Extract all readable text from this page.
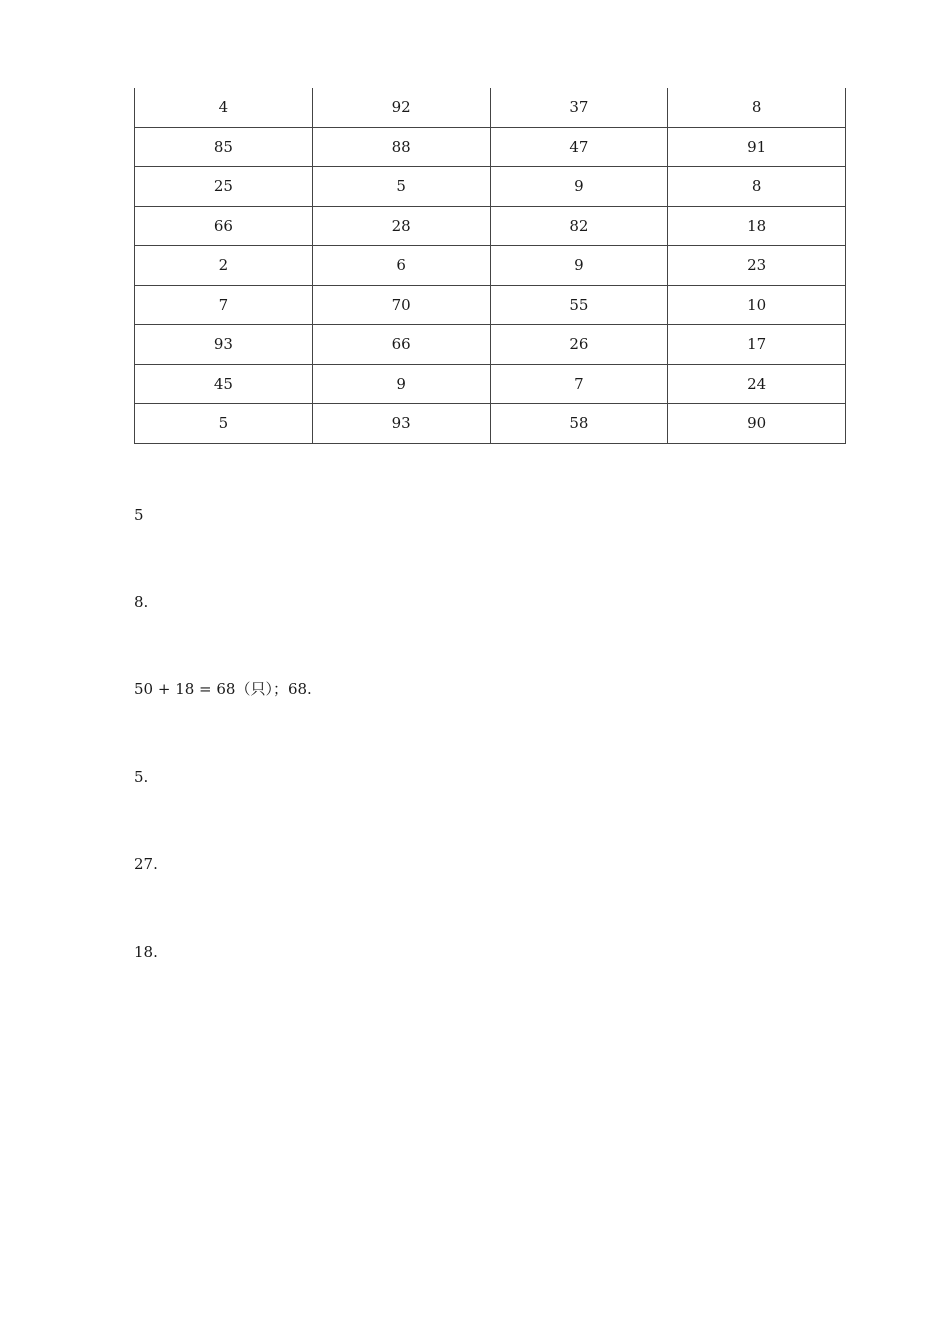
4	92	37	8
85	88	47	91
25	5	9	8
66	28	82	18
2	6	9	23
7	70	55	10
93	66	26	17
45	9	7	24
5	93	58	90
5
8.
50 + 18 = 68（只）；68.
5.
27.
18.
